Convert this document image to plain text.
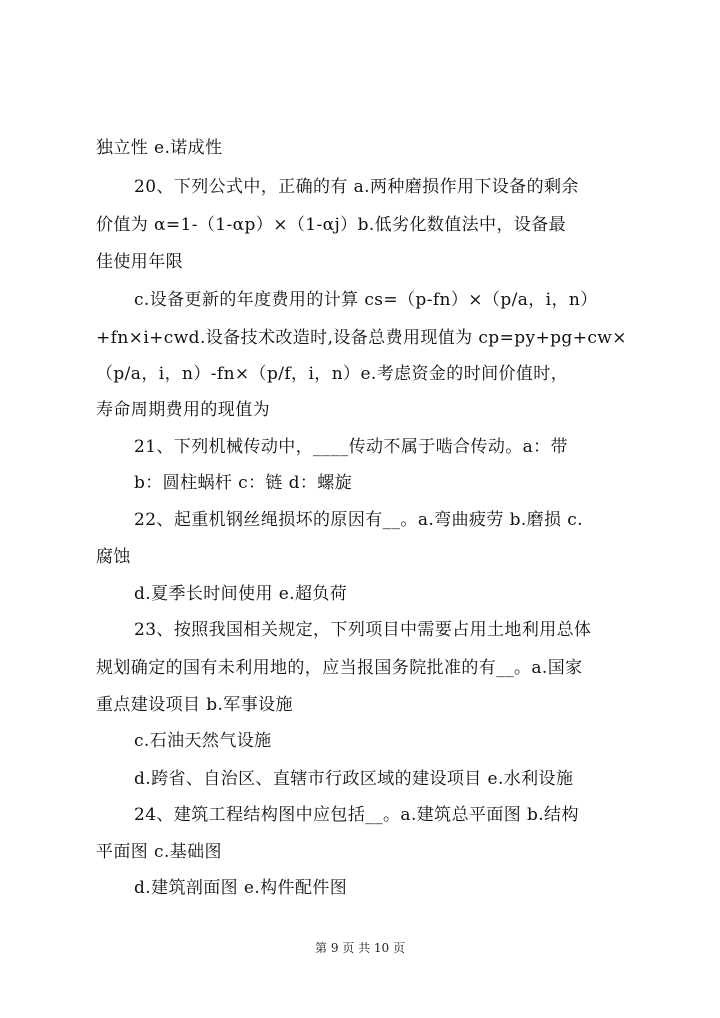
独立性 e.诺成性
20、下列公式中，正确的有 a.两种磨损作用下设备的剩余
价值为 α=1-（1-αp）×（1-αj）b.低劣化数值法中，设备最
佳使用年限
c.设备更新的年度费用的计算 cs=（p-fn）×（p/a，i，n）
+fn×i+cwd.设备技术改造时,设备总费用现值为 cp=py+pg+cw×
（p/a，i，n）-fn×（p/f，i，n）e.考虑资金的时间价值时，
寿命周期费用的现值为
21、下列机械传动中，____传动不属于啮合传动。a：带
b：圆柱蜗杆 c：链 d：螺旋
22、起重机钢丝绳损坏的原因有__。a.弯曲疲劳 b.磨损 c.
腐蚀
d.夏季长时间使用 e.超负荷
23、按照我国相关规定，下列项目中需要占用土地利用总体
规划确定的国有未利用地的，应当报国务院批准的有__。a.国家
重点建设项目 b.军事设施
c.石油天然气设施
d.跨省、自治区、直辖市行政区域的建设项目 e.水利设施
24、建筑工程结构图中应包括__。a.建筑总平面图 b.结构
平面图 c.基础图
d.建筑剖面图 e.构件配件图
第 9 页 共 10 页
